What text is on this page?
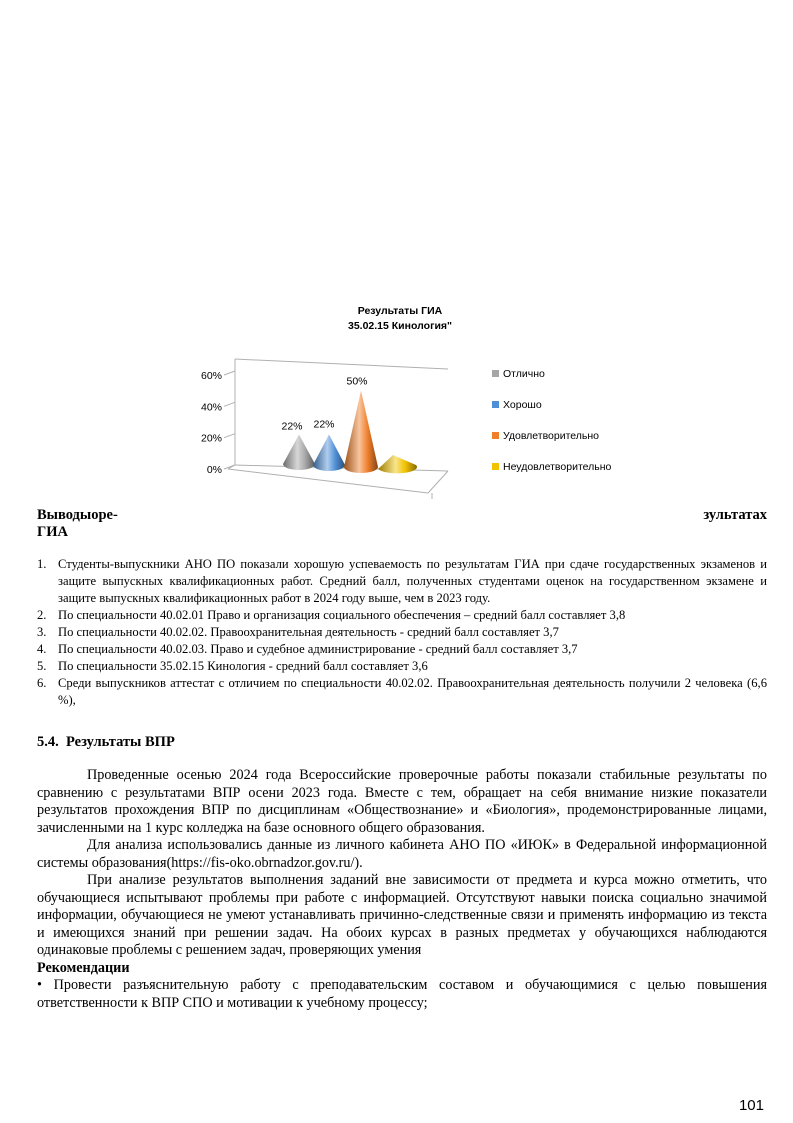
Результаты ГИА
35.02.15 Кинология"
0%
20%
40%
60%
22% 22%
50%
Отлично
Хорошо
Удовлетворительно
Неудовлетворительно
Выводы о ре-	зультатах
ГИА
1. Студенты-выпускники АНО ПО показали хорошую успеваемость по результатам ГИА при сдаче государственных экзаменов и защите выпускных квалификационных работ. Средний балл, полученных студентами оценок на государственном экзамене и защите выпускных квалификационных работ в 2024 году выше, чем в 2023 году.
2. По специальности 40.02.01 Право и организация социального обеспечения – средний балл составляет 3,8
3. По специальности 40.02.02. Правоохранительная деятельность - средний балл составляет 3,7
4. По специальности 40.02.03. Право и судебное администрирование - средний балл составляет 3,7
5. По специальности 35.02.15 Кинология - средний балл составляет 3,6
6. Среди выпускников аттестат с отличием по специальности 40.02.02. Правоохранительная деятельность получили 2 человека (6,6 %),
5.4. Результаты ВПР

Проведенные осенью 2024 года Всероссийские проверочные работы показали стабильные результаты по сравнению с результатами ВПР осени 2023 года. Вместе с тем, обращает на себя внимание низкие показатели результатов прохождения ВПР по дисциплинам «Обществознание» и «Биология», продемонстрированные лицами, зачисленными на 1 курс колледжа на базе основного общего образования.

Для анализа использовались данные из личного кабинета АНО ПО «ИЮК» в Федеральной информационной системы образования(https://fis-oko.obrnadzor.gov.ru/).

При анализе результатов выполнения заданий вне зависимости от предмета и курса можно отметить, что обучающиеся испытывают проблемы при работе с информацией. Отсутствуют навыки поиска социально значимой информации, обучающиеся не умеют устанавливать причинно-следственные связи и применять информацию из текста и имеющихся знаний при решении задач. На обоих курсах в разных предметах у обучающихся наблюдаются одинаковые проблемы с решением задач, проверяющих умения

Рекомендации

• Провести разъяснительную работу с преподавательским составом и обучающимися с целью повышения ответственности к ВПР СПО и мотивации к учебному процессу;

101
